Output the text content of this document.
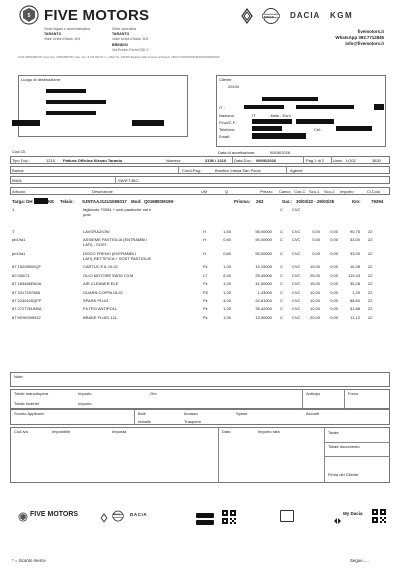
5 FIVE MOTORS
Sede legale e amministrativa
TARANTO
Viale Unità d'Italia, 601
Sede operativa
TARANTO
Viale Unità d'Italia, 601
BRINDISI
Via Enrico Fermi S/D 2
NISSAN DACIA KGM
fivemotors.it
WhatsApp 393.7712845
info@fivemotors.it
P.IVA 03554380735 | Cod. Fisc. 03554380735 | Cap. Soc. € 100.000,00 i.v. | REA TA - 181916 Registro delle Imprese di Taranto | IBAN IT09O0306915816100000000040
Luogo di destinazione:	Cliente
29104
IT -
Nazione:	IT	- Italia - Euro
P.Iva/C.F.:
Telefono:	Cel.:
Email:
Cod.Cli.	Data di accettazione:	05/06/2026
Tipo Doc.:	1215 Fattura Officina Nissan Taranto	Numero:	3156 / 1210 Data Doc.: 09/06/2026	Pag 1 di 2 Lista: LO02	3830
Banca:	Cond.Pag.:	Bonifico Intesa San Paolo	Agente
IBAN:	SWIFT-BIC:
Articolo	Descrizione	UM	Q	Prezzo Carico Cod.C Sco-1 Sco-2 Importo	Cl.Colo
Targa: GH	KE Telaio: SJNTAAJ12U1065017 Mod: Q01MBSM190-	Prisma: 263	Gar.: 30/03/22 - 29/03/25	Km: 79394
1	tagliando 79394 + sost pasticche ant e
post
C CVC
T	LAVORAZIONI	H	1,65	55,00000 C CVC	0,00	0,00	90,75 22
pb19a1	ASSIEME PASTIGLIA (ENTRAMBI I	H	0,60	55,00000 C CVC	0,00	0,00	33,00 22
LATI) - SOST
pb19a1	DISCO FRENO (ENTRAMBI I	H	0,60	55,00000 C CVC	0,00	0,00	33,00 22
LATI)-RETTIFICA + SOST PASTIGLIE
87 15208900QF	CARTUC.F.IL OLIO	Pz	1,00	19,15000 C CVC 15,00	0,00	16,28 22
60 530C3	OLIO MOTORE 5W30 C3 M	LT	5,40	29,49000 C CVC 25,00	0,00	119,43 22
87 165466RA0A	AIR CLEANER ELE	Pz	1,00	41,50000 C CVC 15,00	0,00	35,28 22
87 3317297988	GUARN.COPPA OLIO	PZ	1,00	1,43000 C CVC 10,00	0,00	1,29 22
87 2240100QFP	SPARK PLUG	Pz	4,00	24,61000 C CVC 10,00	0,00	88,60 22
87 272776UN0A	FILTRO ANTIPOLL	Pz	1,00	35,42000 C CVC 10,00	0,00	31,88 22
87 KE90399932	BRAKE FLUID 12L	Pz	1,00	13,90000 C CVC 20,00	0,00	11,12 22
Note:
Totale manodopera	Importo	Ore
Totale ricambi	Importo
Anticipo	Forzo
Sconto Applicato	Bolli	Incasso	Spese	Acconti
Imballo	Trasporto
Cod.Iva	Imponibile	Imposta	Data	Importo rata	Totale
Totale documento
Firma del Cliente
FIVE MOTORS	NISSAN DACIA	My Dacia
* = Sconto merce	Segue.....
